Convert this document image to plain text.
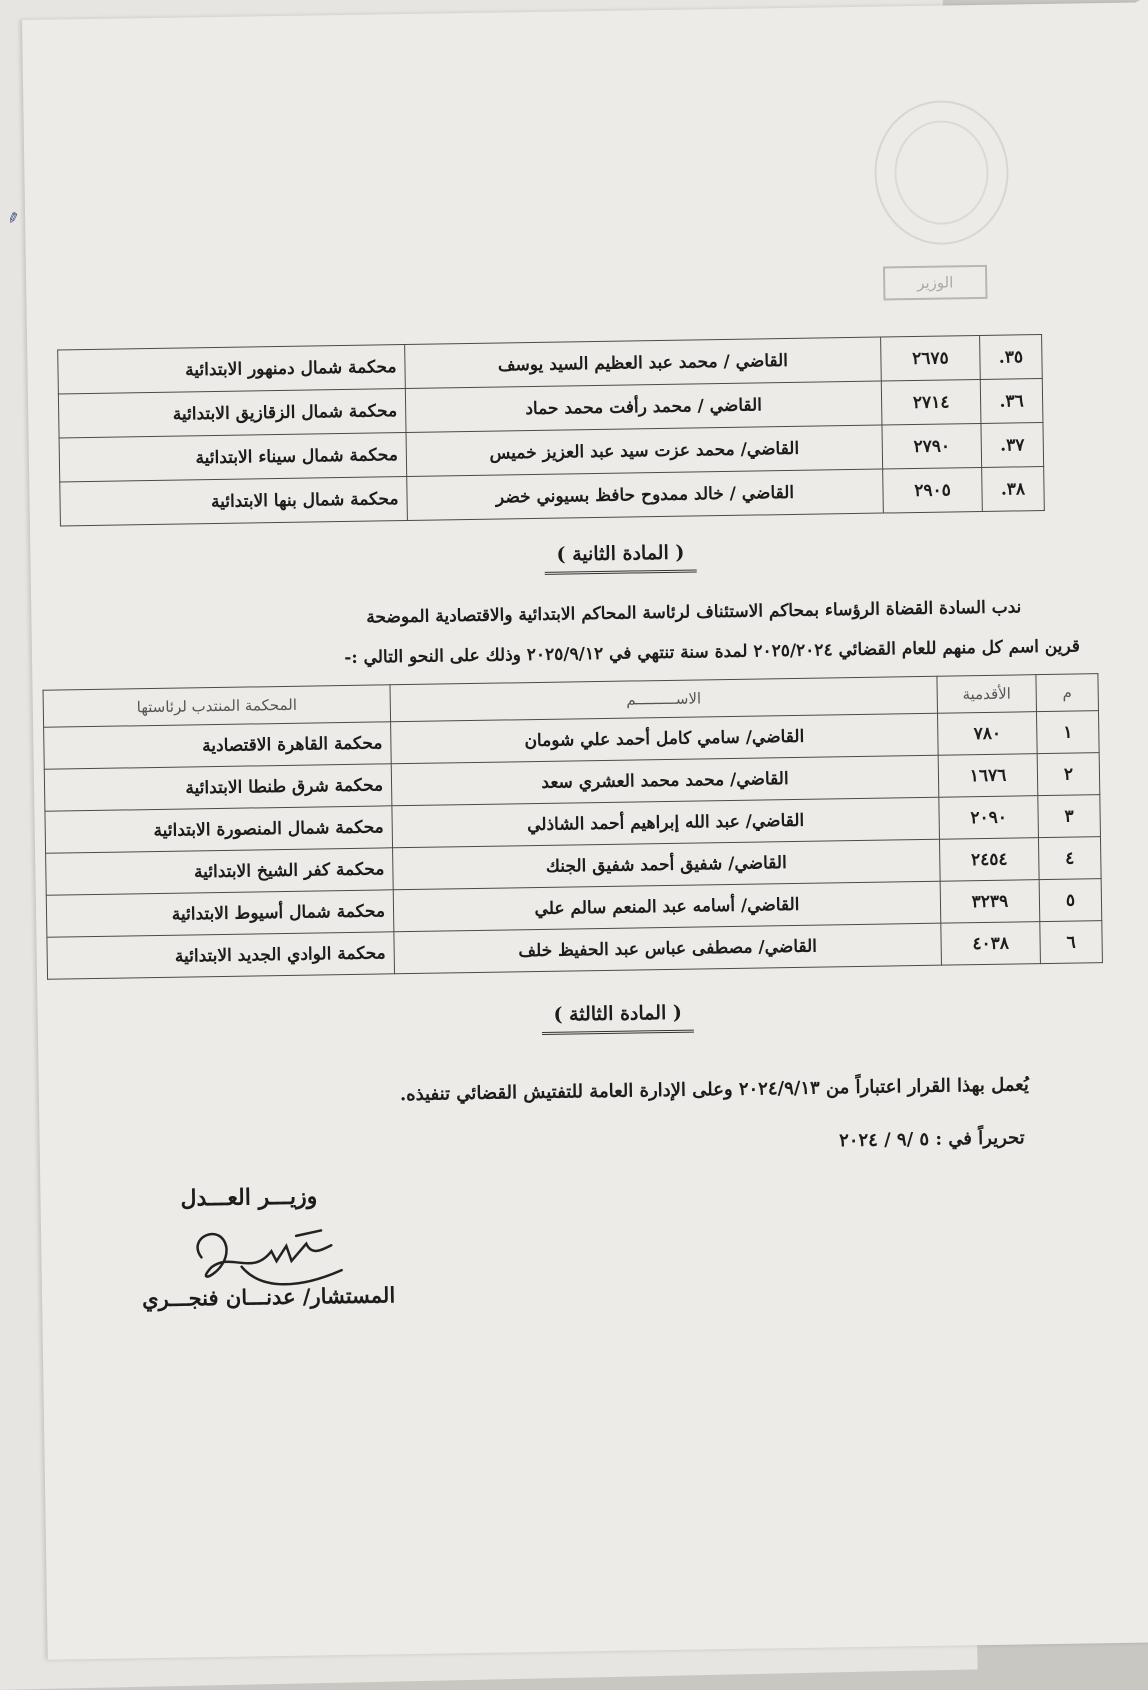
✎
الوزير
٣٥.	٢٦٧٥	القاضي / محمد عبد العظيم السيد يوسف	محكمة شمال دمنهور الابتدائية
٣٦.	٢٧١٤	القاضي / محمد رأفت محمد حماد	محكمة شمال الزقازيق الابتدائية
٣٧.	٢٧٩٠	القاضي/ محمد عزت سيد عبد العزيز خميس	محكمة شمال سيناء الابتدائية
٣٨.	٢٩٠٥	القاضي / خالد ممدوح حافظ بسيوني خضر	محكمة شمال بنها الابتدائية
( المادة الثانية )
ندب السادة القضاة الرؤساء بمحاكم الاستئناف لرئاسة المحاكم الابتدائية والاقتصادية الموضحة
قرين اسم كل منهم للعام القضائي ٢٠٢٥/٢٠٢٤ لمدة سنة تنتهي في ٢٠٢٥/٩/١٢ وذلك على النحو التالي :-
م	الأقدمية	الاســـــــــم	المحكمة المنتدب لرئاستها
١	٧٨٠	القاضي/ سامي كامل أحمد علي شومان	محكمة القاهرة الاقتصادية
٢	١٦٧٦	القاضي/ محمد محمد العشري سعد	محكمة شرق طنطا الابتدائية
٣	٢٠٩٠	القاضي/ عبد الله إبراهيم أحمد الشاذلي	محكمة شمال المنصورة الابتدائية
٤	٢٤٥٤	القاضي/ شفيق أحمد شفيق الجنك	محكمة كفر الشيخ الابتدائية
٥	٣٢٣٩	القاضي/ أسامه عبد المنعم سالم علي	محكمة شمال أسيوط الابتدائية
٦	٤٠٣٨	القاضي/ مصطفى عباس عبد الحفيظ خلف	محكمة الوادي الجديد الابتدائية
( المادة الثالثة )
يُعمل بهذا القرار اعتباراً من ٢٠٢٤/٩/١٣ وعلى الإدارة العامة للتفتيش القضائي تنفيذه.
تحريراً في : ٥ /٩ / ٢٠٢٤
وزيـــر العـــدل
المستشار/ عدنـــان فنجـــري
